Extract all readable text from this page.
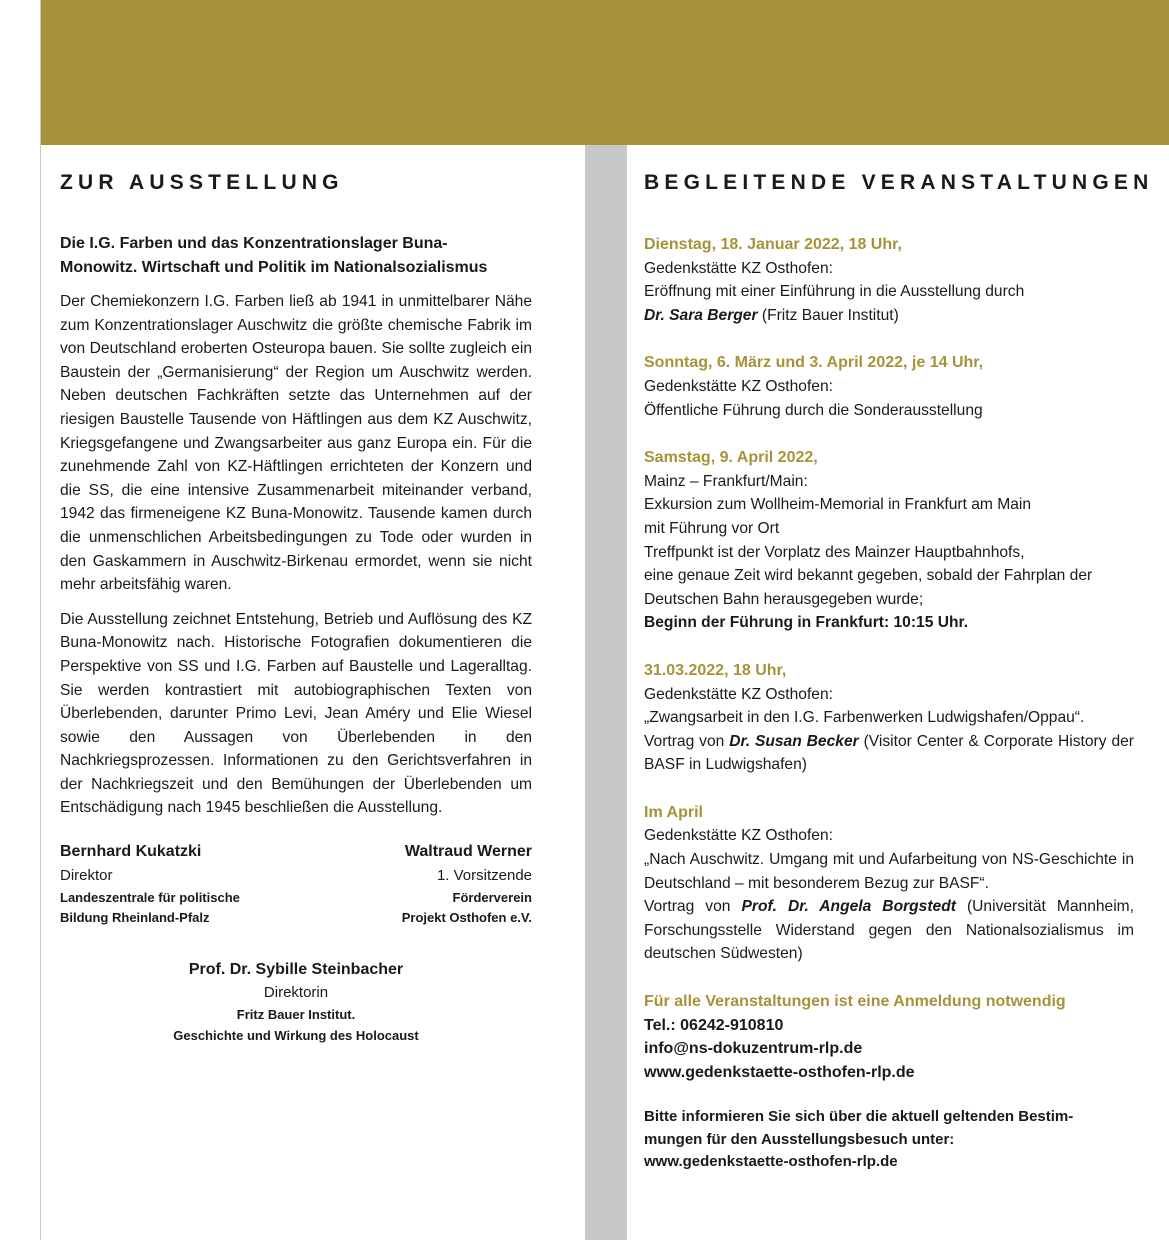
ZUR AUSSTELLUNG
Die I.G. Farben und das Konzentrationslager Buna-
Monowitz. Wirtschaft und Politik im Nationalsozialismus

Der Chemiekonzern I.G. Farben ließ ab 1941 in unmittelbarer Nähe zum Konzentrationslager Auschwitz die größte chemische Fabrik im von Deutschland eroberten Osteuropa bauen. Sie sollte zugleich ein Baustein der „Germanisierung“ der Region um Auschwitz werden. Neben deutschen Fachkräften setzte das Unternehmen auf der riesigen Baustelle Tausende von Häftlingen aus dem KZ Auschwitz, Kriegsgefangene und Zwangsarbeiter aus ganz Europa ein. Für die zunehmende Zahl von KZ-Häftlingen errichteten der Konzern und die SS, die eine intensive Zusammenarbeit miteinander verband, 1942 das firmeneigene KZ Buna-Monowitz. Tausende kamen durch die unmenschlichen Arbeitsbedingungen zu Tode oder wurden in den Gaskammern in Auschwitz-Birkenau ermordet, wenn sie nicht mehr arbeitsfähig waren.

Die Ausstellung zeichnet Entstehung, Betrieb und Auflösung des KZ Buna-Monowitz nach. Historische Fotografien dokumentieren die Perspektive von SS und I.G. Farben auf Baustelle und Lageralltag. Sie werden kontrastiert mit autobiographischen Texten von Überlebenden, darunter Primo Levi, Jean Améry und Elie Wiesel sowie den Aussagen von Überlebenden in den Nachkriegsprozessen. Informationen zu den Gerichtsverfahren in der Nachkriegszeit und den Bemühungen der Überlebenden um Entschädigung nach 1945 beschließen die Ausstellung.

Bernhard Kukatzki
Direktor
Landeszentrale für politische
Bildung Rheinland-Pfalz
Waltraud Werner
1. Vorsitzende
Förderverein
Projekt Osthofen e.V.
Prof. Dr. Sybille Steinbacher
Direktorin
Fritz Bauer Institut.
Geschichte und Wirkung des Holocaust
BEGLEITENDE VERANSTALTUNGEN
Dienstag, 18. Januar 2022, 18 Uhr,
Gedenkstätte KZ Osthofen:
Eröffnung mit einer Einführung in die Ausstellung durch
Dr. Sara Berger (Fritz Bauer Institut)
Sonntag, 6. März und 3. April 2022, je 14 Uhr,
Gedenkstätte KZ Osthofen:
Öffentliche Führung durch die Sonderausstellung
Samstag, 9. April 2022,
Mainz – Frankfurt/Main:
Exkursion zum Wollheim-Memorial in Frankfurt am Main
mit Führung vor Ort
Treffpunkt ist der Vorplatz des Mainzer Hauptbahnhofs,
eine genaue Zeit wird bekannt gegeben, sobald der Fahrplan der
Deutschen Bahn herausgegeben wurde;
Beginn der Führung in Frankfurt: 10:15 Uhr.
31.03.2022, 18 Uhr,
Gedenkstätte KZ Osthofen:
„Zwangsarbeit in den I.G. Farbenwerken Ludwigshafen/Oppau“.
Vortrag von Dr. Susan Becker (Visitor Center & Corporate History der BASF in Ludwigshafen)
Im April
Gedenkstätte KZ Osthofen:
„Nach Auschwitz. Umgang mit und Aufarbeitung von NS-Geschichte in Deutschland – mit besonderem Bezug zur BASF“.
Vortrag von Prof. Dr. Angela Borgstedt (Universität Mannheim, Forschungsstelle Widerstand gegen den Nationalsozialismus im deutschen Südwesten)
Für alle Veranstaltungen ist eine Anmeldung notwendig
Tel.: 06242-910810
info@ns-dokuzentrum-rlp.de
www.gedenkstaette-osthofen-rlp.de
Bitte informieren Sie sich über die aktuell geltenden Bestim-
mungen für den Ausstellungsbesuch unter:
www.gedenkstaette-osthofen-rlp.de
